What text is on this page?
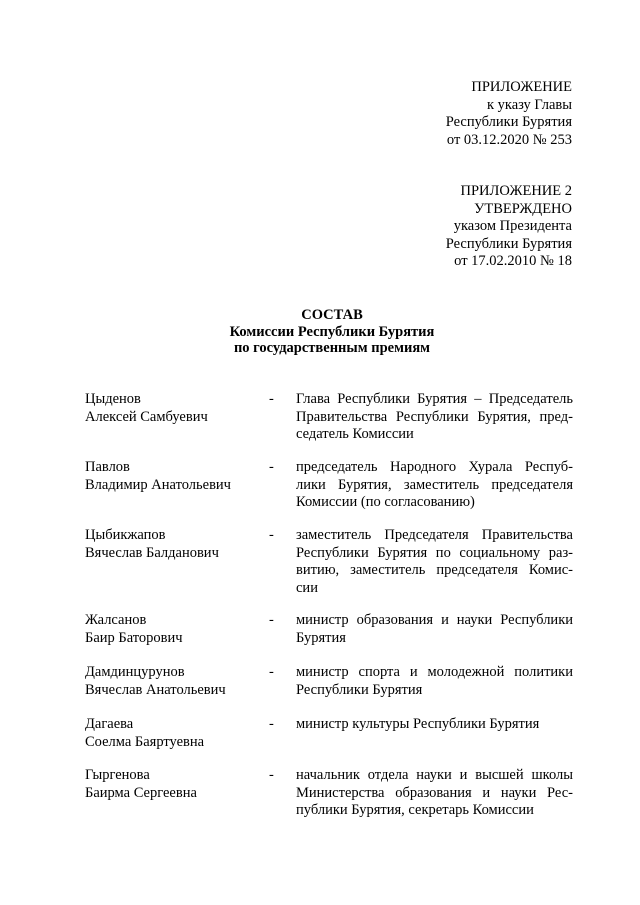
ПРИЛОЖЕНИЕ
к указу Главы
Республики Бурятия
от 03.12.2020 № 253
ПРИЛОЖЕНИЕ 2
УТВЕРЖДЕНО
указом Президента
Республики Бурятия
от 17.02.2010 № 18
СОСТАВ
Комиссии Республики Бурятия
по государственным премиям
Цыденов
Алексей Самбуевич
-	Глава Республики Бурятия – Председатель
Правительства Республики Бурятия, пред-
седатель Комиссии
Павлов
Владимир Анатольевич
-	председатель Народного Хурала Респуб-
лики Бурятия, заместитель председателя
Комиссии (по согласованию)
Цыбикжапов
Вячеслав Балданович
-	заместитель Председателя Правительства
Республики Бурятия по социальному раз-
витию, заместитель председателя Комис-
сии
Жалсанов
Баир Баторович
-	министр образования и науки Республики
Бурятия
Дамдинцурунов
Вячеслав Анатольевич
-	министр спорта и молодежной политики
Республики Бурятия
Дагаева
Соелма Баяртуевна
-	министр культуры Республики Бурятия
Гыргенова
Баирма Сергеевна
-	начальник отдела науки и высшей школы
Министерства образования и науки Рес-
публики Бурятия, секретарь Комиссии
